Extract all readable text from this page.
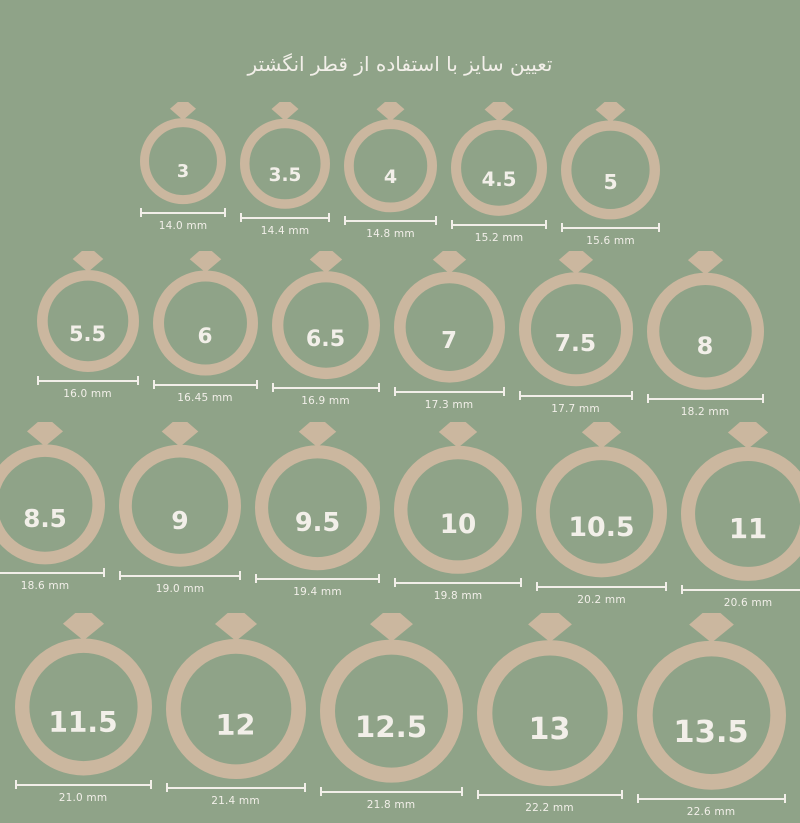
تعیین سایز با استفاده از قطر انگشتر
3
14.0 mm
3.5
14.4 mm
4
14.8 mm
4.5
15.2 mm
5
15.6 mm
5.5
16.0 mm
6
16.45 mm
6.5
16.9 mm
7
17.3 mm
7.5
17.7 mm
8
18.2 mm
8.5
18.6 mm
9
19.0 mm
9.5
19.4 mm
10
19.8 mm
10.5
20.2 mm
11
20.6 mm
11.5
21.0 mm
12
21.4 mm
12.5
21.8 mm
13
22.2 mm
13.5
22.6 mm
